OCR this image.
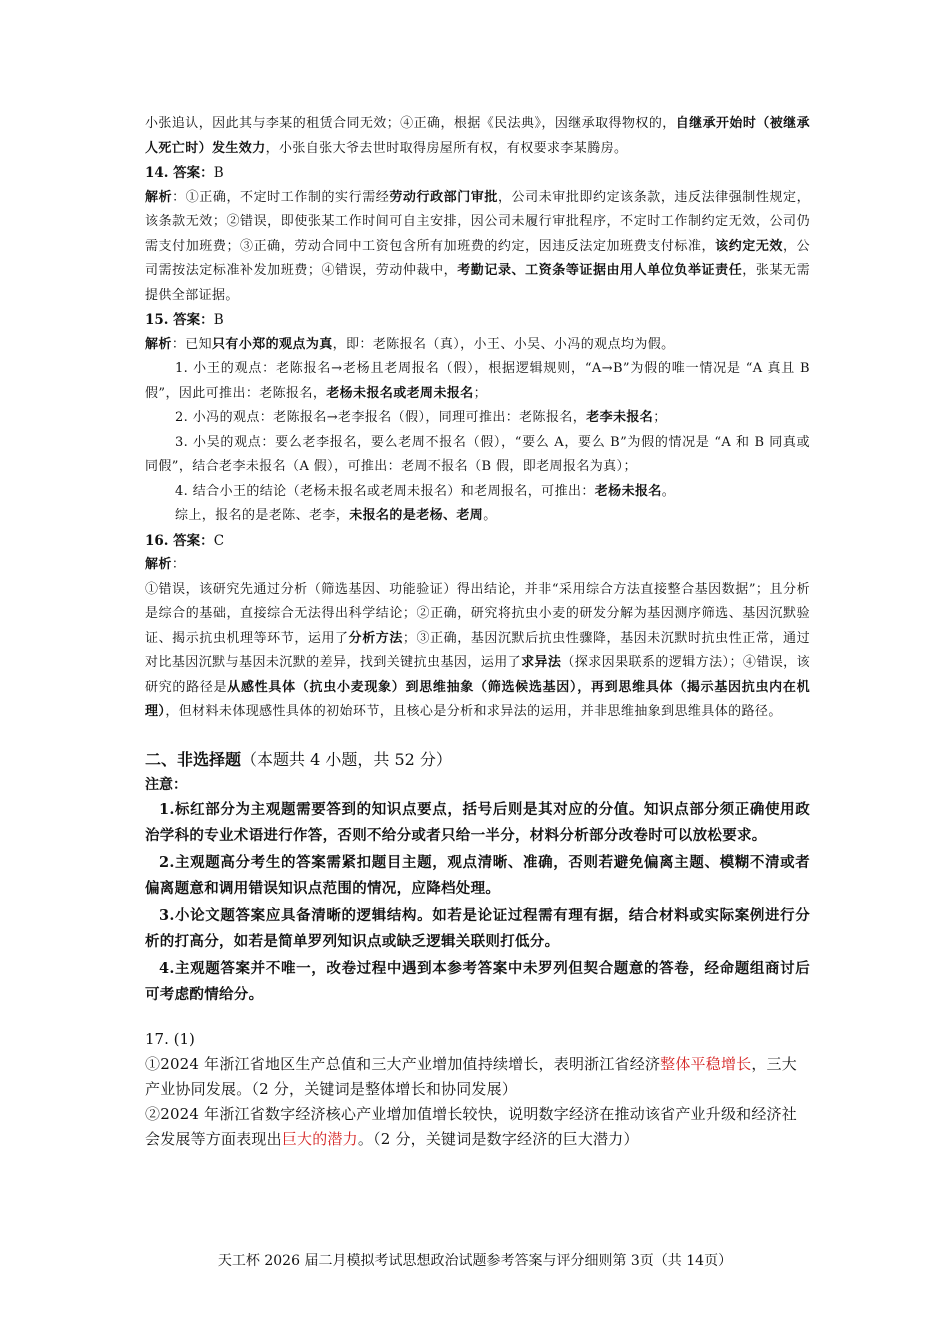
小张追认，因此其与李某的租赁合同无效；④正确，根据《民法典》，因继承取得物权的，自继承开始时（被继承人死亡时）发生效力，小张自张大爷去世时取得房屋所有权，有权要求李某腾房。

14. 答案：B

解析：①正确，不定时工作制的实行需经劳动行政部门审批，公司未审批即约定该条款，违反法律强制性规定，该条款无效；②错误，即使张某工作时间可自主安排，因公司未履行审批程序，不定时工作制约定无效，公司仍需支付加班费；③正确，劳动合同中工资包含所有加班费的约定，因违反法定加班费支付标准，该约定无效，公司需按法定标准补发加班费；④错误，劳动仲裁中，考勤记录、工资条等证据由用人单位负举证责任，张某无需提供全部证据。

15. 答案：B

解析：已知只有小郑的观点为真，即：老陈报名（真），小王、小吴、小冯的观点均为假。

1. 小王的观点：老陈报名→老杨且老周报名（假），根据逻辑规则，“A→B”为假的唯一情况是 “A 真且 B 假”，因此可推出：老陈报名，老杨未报名或老周未报名；

2. 小冯的观点：老陈报名→老李报名（假），同理可推出：老陈报名，老李未报名；

3. 小吴的观点：要么老李报名，要么老周不报名（假），“要么 A，要么 B”为假的情况是 “A 和 B 同真或同假”，结合老李未报名（A 假），可推出：老周不报名（B 假，即老周报名为真）；

4. 结合小王的结论（老杨未报名或老周未报名）和老周报名，可推出：老杨未报名。

综上，报名的是老陈、老李，未报名的是老杨、老周。

16. 答案：C

解析：

①错误，该研究先通过分析（筛选基因、功能验证）得出结论，并非“采用综合方法直接整合基因数据”；且分析是综合的基础，直接综合无法得出科学结论；②正确，研究将抗虫小麦的研发分解为基因测序筛选、基因沉默验证、揭示抗虫机理等环节，运用了分析方法；③正确，基因沉默后抗虫性骤降，基因未沉默时抗虫性正常，通过对比基因沉默与基因未沉默的差异，找到关键抗虫基因，运用了求异法（探求因果联系的逻辑方法）；④错误，该研究的路径是从感性具体（抗虫小麦现象）到思维抽象（筛选候选基因），再到思维具体（揭示基因抗虫内在机理），但材料未体现感性具体的初始环节，且核心是分析和求异法的运用，并非思维抽象到思维具体的路径。

二、非选择题（本题共 4 小题，共 52 分）

注意：

1.标红部分为主观题需要答到的知识点要点，括号后则是其对应的分值。知识点部分须正确使用政治学科的专业术语进行作答，否则不给分或者只给一半分，材料分析部分改卷时可以放松要求。

2.主观题高分考生的答案需紧扣题目主题，观点清晰、准确，否则若避免偏离主题、模糊不清或者偏离题意和调用错误知识点范围的情况，应降档处理。

3.小论文题答案应具备清晰的逻辑结构。如若是论证过程需有理有据，结合材料或实际案例进行分析的打高分，如若是简单罗列知识点或缺乏逻辑关联则打低分。

4.主观题答案并不唯一，改卷过程中遇到本参考答案中未罗列但契合题意的答卷，经命题组商讨后可考虑酌情给分。

17. (1)

①2024 年浙江省地区生产总值和三大产业增加值持续增长，表明浙江省经济整体平稳增长，三大产业协同发展。（2 分，关键词是整体增长和协同发展）

②2024 年浙江省数字经济核心产业增加值增长较快，说明数字经济在推动该省产业升级和经济社会发展等方面表现出巨大的潜力。（2 分，关键词是数字经济的巨大潜力）

天工杯 2026 届二月模拟考试思想政治试题参考答案与评分细则第 3页（共 14页）
